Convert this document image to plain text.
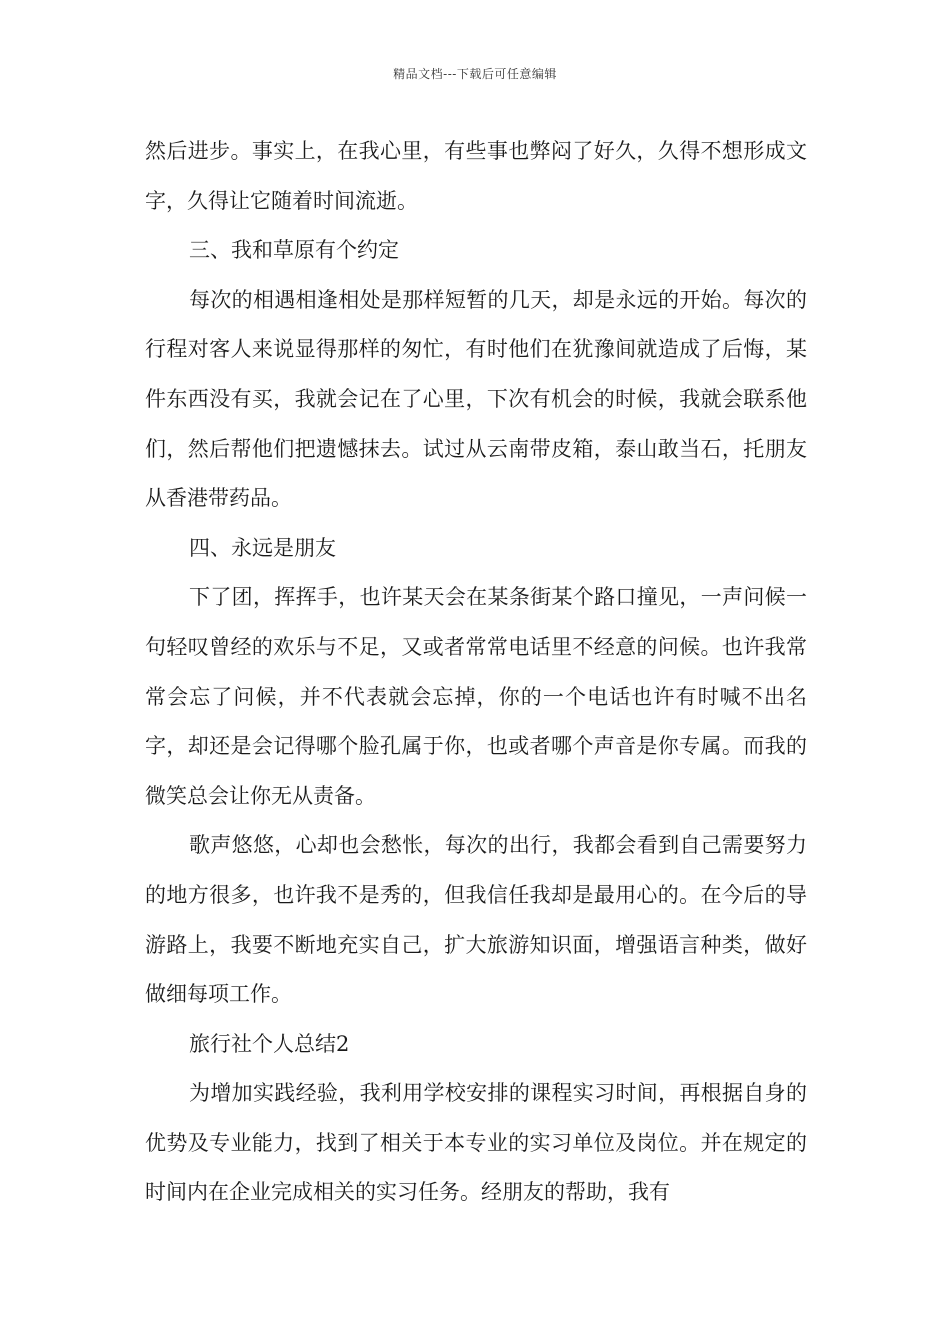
精品文档---下载后可任意编辑

然后进步。事实上，在我心里，有些事也弊闷了好久，久得不想形成文字，久得让它随着时间流逝。

三、我和草原有个约定

每次的相遇相逢相处是那样短暂的几天，却是永远的开始。每次的行程对客人来说显得那样的匆忙，有时他们在犹豫间就造成了后悔，某件东西没有买，我就会记在了心里，下次有机会的时候，我就会联系他们，然后帮他们把遗憾抹去。试过从云南带皮箱，泰山敢当石，托朋友从香港带药品。

四、永远是朋友

下了团，挥挥手，也许某天会在某条街某个路口撞见，一声问候一句轻叹曾经的欢乐与不足，又或者常常电话里不经意的问候。也许我常常会忘了问候，并不代表就会忘掉，你的一个电话也许有时喊不出名字，却还是会记得哪个脸孔属于你，也或者哪个声音是你专属。而我的微笑总会让你无从责备。

歌声悠悠，心却也会愁怅，每次的出行，我都会看到自己需要努力的地方很多，也许我不是秀的，但我信任我却是最用心的。在今后的导游路上，我要不断地充实自己，扩大旅游知识面，增强语言种类，做好做细每项工作。

旅行社个人总结2

为增加实践经验，我利用学校安排的课程实习时间，再根据自身的优势及专业能力，找到了相关于本专业的实习单位及岗位。并在规定的时间内在企业完成相关的实习任务。经朋友的帮助，我有
